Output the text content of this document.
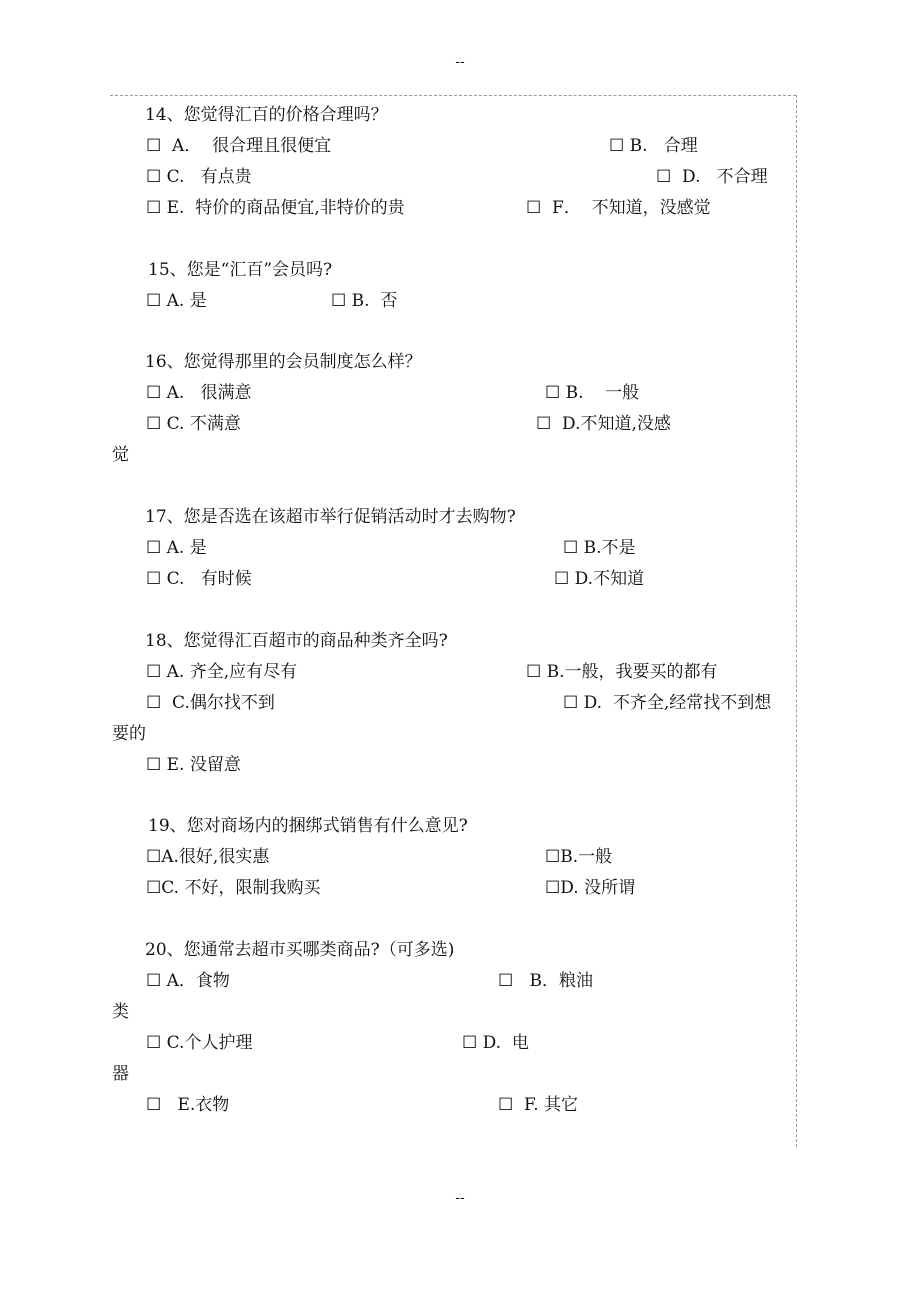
--
14、您觉得汇百的价格合理吗？
☐  A．  很合理且很便宜	☐ B.   合理
☐ C.   有点贵	☐  D.   不合理
☐ E.  特价的商品便宜,非特价的贵	☐  F．  不知道，没感觉
15、您是“汇百”会员吗?
☐ A. 是	☐ B.  否
16、您觉得那里的会员制度怎么样？
☐ A.   很满意	☐ B.    一般
☐ C. 不满意	☐  D.不知道,没感
觉
17、您是否选在该超市举行促销活动时才去购物?
☐ A. 是	☐ B.不是
☐ C.   有时候	☐ D.不知道
18、您觉得汇百超市的商品种类齐全吗?
☐ A. 齐全,应有尽有	☐ B.一般，我要买的都有
☐  C.偶尔找不到	☐ D.  不齐全,经常找不到想
要的
☐ E. 没留意
19、您对商场内的捆绑式销售有什么意见?
☐A.很好,很实惠	☐B.一般
☐C. 不好，限制我购买	☐D. 没所谓
20、您通常去超市买哪类商品?（可多选)
☐ A．食物	☐   B．粮油
类
☐ C.个人护理	☐ D.  电
器
☐   E.衣物	☐  F. 其它
--
